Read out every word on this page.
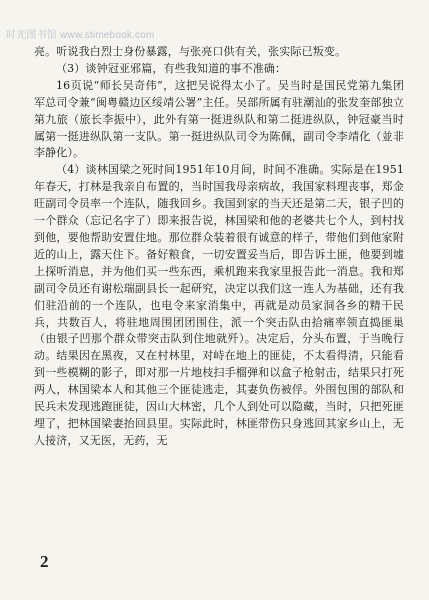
时光图书馆 www.stimebook.com

亮。听说我白烈士身份暴露，与张亮口供有关，张实际已叛变。

（3）谈钟冠亚邪篇，有些我知道的事不准确：

16页说“师长吴奇伟”，这把吴说得太小了。吴当时是国民党第九集团军总司令兼“闽粤赣边区绥靖公署”主任。吴部所属有驻潮汕的张发奎部独立第九旅（旅长李振中），此外有第一挺进纵队和第二挺进纵队，钟冠豪当时属第一挺进纵队第一支队。第一挺进纵队司令为陈佩，副司令李靖化（並非李静化）。

（4）谈林国梁之死时间1951年10月间，时间不准确。实际是在1951年春天，打林是我亲自布置的，当时国我母亲病故，我国家料理丧事，郑金旺副司令员率一个连队，随我回乡。我国到家的当天还是第二天，银子凹的一个群众（忘记名字了）即来报告说，林国梁和他的老婆共七个人，到村找到他，要他帮助安置住地。那位群众装着很有诚意的样子，带他们到他家附近的山上，露天住下。备好粮食，一切安置妥当后，即告诉土匪，他要到墟上探听消息，并为他们买一些东西，乘机跑来我家里报告此一消息。我和郑副司令员还有谢松瑞副县长一起研究，决定以我们这一连人为基础，还有我们驻沿前的一个连队，也电令来家消集中，再就是动员家洞各乡的精干民兵，共数百人，将驻地周围团团围住，派一个突击队由拾痛率领直捣匪巢（由银子凹那个群众带突击队到住地就歼）。决定后，分头布置，于当晚行动。结果因在黑夜，又在村林里，对峙在地上的匪徒，不太看得清，只能看到一些模糊的影子，即对那一片地枝扫手榴弹和以盒子枪射击，结果只打死两人，林国梁本人和其他三个匪徒逃走，其妻负伤被俘。外围包围的部队和民兵未发现逃跑匪徒，因山大林密，几个人到处可以隐藏，当时，只把死匪埋了，把林国梁妻抬回县里。实际此时，林匪带伤只身逃回其家乡山上，无人接济，又无医，无药，无

2
